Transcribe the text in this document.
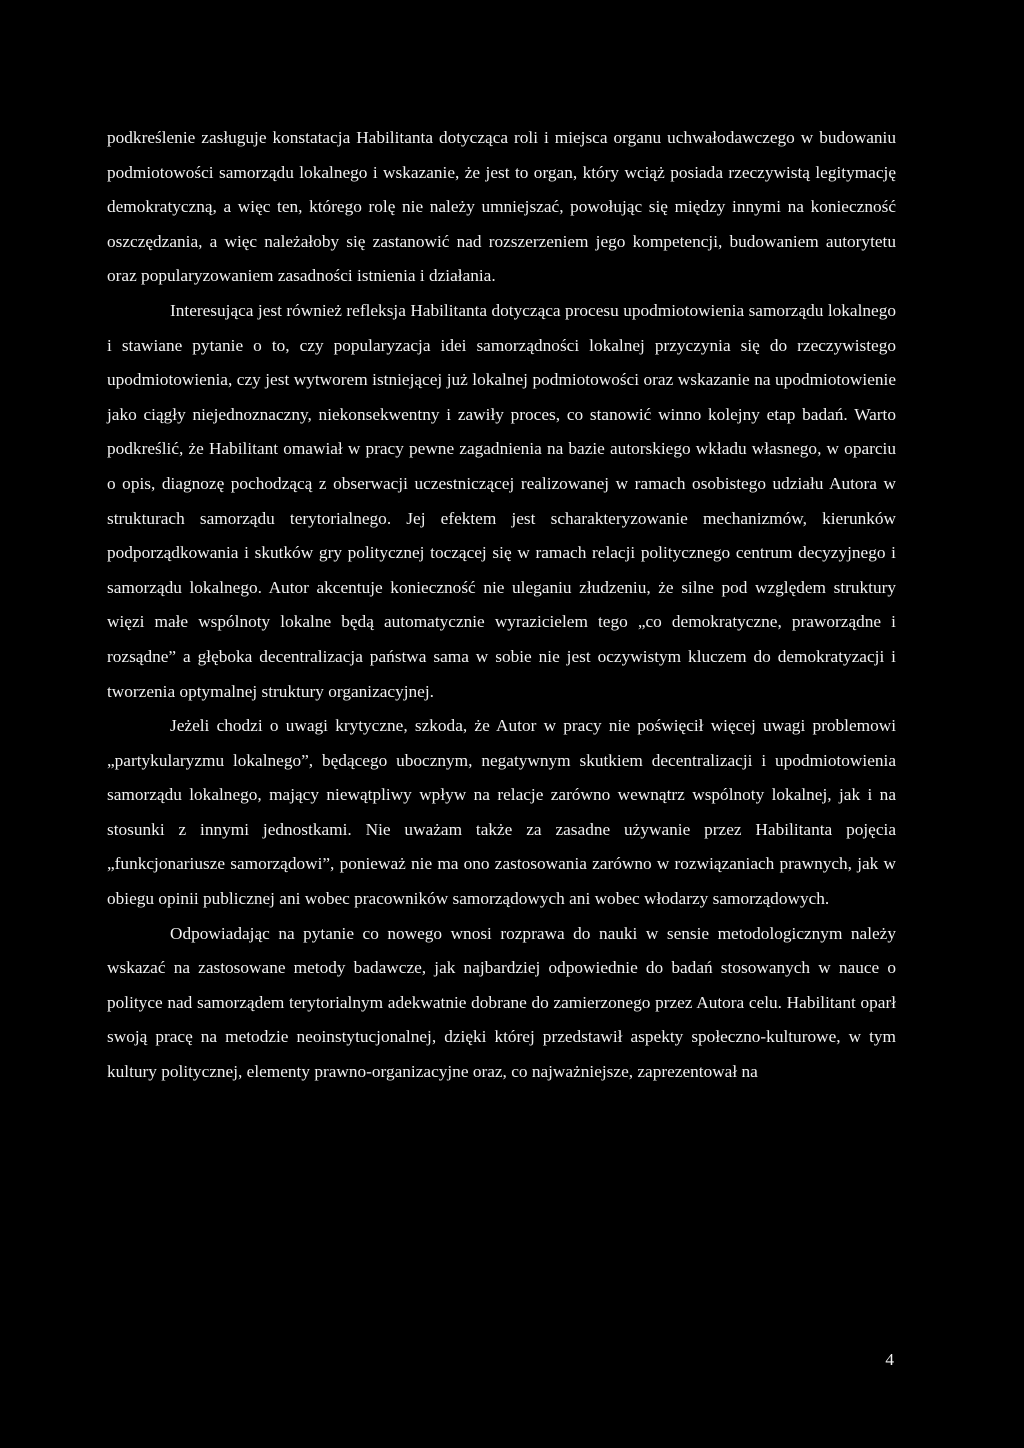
podkreślenie zasługuje konstatacja Habilitanta dotycząca roli i miejsca organu uchwałodawczego w budowaniu podmiotowości samorządu lokalnego i wskazanie, że jest to organ, który wciąż posiada rzeczywistą legitymację demokratyczną, a więc ten, którego rolę nie należy umniejszać, powołując się między innymi na konieczność oszczędzania, a więc należałoby się zastanowić nad rozszerzeniem jego kompetencji, budowaniem autorytetu oraz popularyzowaniem zasadności istnienia i działania.

Interesująca jest również refleksja Habilitanta dotycząca procesu upodmiotowienia samorządu lokalnego i stawiane pytanie o to, czy popularyzacja idei samorządności lokalnej przyczynia się do rzeczywistego upodmiotowienia, czy jest wytworem istniejącej już lokalnej podmiotowości oraz wskazanie na upodmiotowienie jako ciągły niejednoznaczny, niekonsekwentny i zawiły proces, co stanowić winno kolejny etap badań. Warto podkreślić, że Habilitant omawiał w pracy pewne zagadnienia na bazie autorskiego wkładu własnego, w oparciu o opis, diagnozę pochodzącą z obserwacji uczestniczącej realizowanej w ramach osobistego udziału Autora w strukturach samorządu terytorialnego. Jej efektem jest scharakteryzowanie mechanizmów, kierunków podporządkowania i skutków gry politycznej toczącej się w ramach relacji politycznego centrum decyzyjnego i samorządu lokalnego. Autor akcentuje konieczność nie uleganiu złudzeniu, że silne pod względem struktury więzi małe wspólnoty lokalne będą automatycznie wyrazicielem tego „co demokratyczne, praworządne i rozsądne” a głęboka decentralizacja państwa sama w sobie nie jest oczywistym kluczem do demokratyzacji i tworzenia optymalnej struktury organizacyjnej.

Jeżeli chodzi o uwagi krytyczne, szkoda, że Autor w pracy nie poświęcił więcej uwagi problemowi „partykularyzmu lokalnego”, będącego ubocznym, negatywnym skutkiem decentralizacji i upodmiotowienia samorządu lokalnego, mający niewątpliwy wpływ na relacje zarówno wewnątrz wspólnoty lokalnej, jak i na stosunki z innymi jednostkami. Nie uważam także za zasadne używanie przez Habilitanta pojęcia „funkcjonariusze samorządowi”, ponieważ nie ma ono zastosowania zarówno w rozwiązaniach prawnych, jak w obiegu opinii publicznej ani wobec pracowników samorządowych ani wobec włodarzy samorządowych.

Odpowiadając na pytanie co nowego wnosi rozprawa do nauki w sensie metodologicznym należy wskazać na zastosowane metody badawcze, jak najbardziej odpowiednie do badań stosowanych w nauce o polityce nad samorządem terytorialnym adekwatnie dobrane do zamierzonego przez Autora celu. Habilitant oparł swoją pracę na metodzie neoinstytucjonalnej, dzięki której przedstawił aspekty społeczno-kulturowe, w tym kultury politycznej, elementy prawno-organizacyjne oraz, co najważniejsze, zaprezentował na

4
